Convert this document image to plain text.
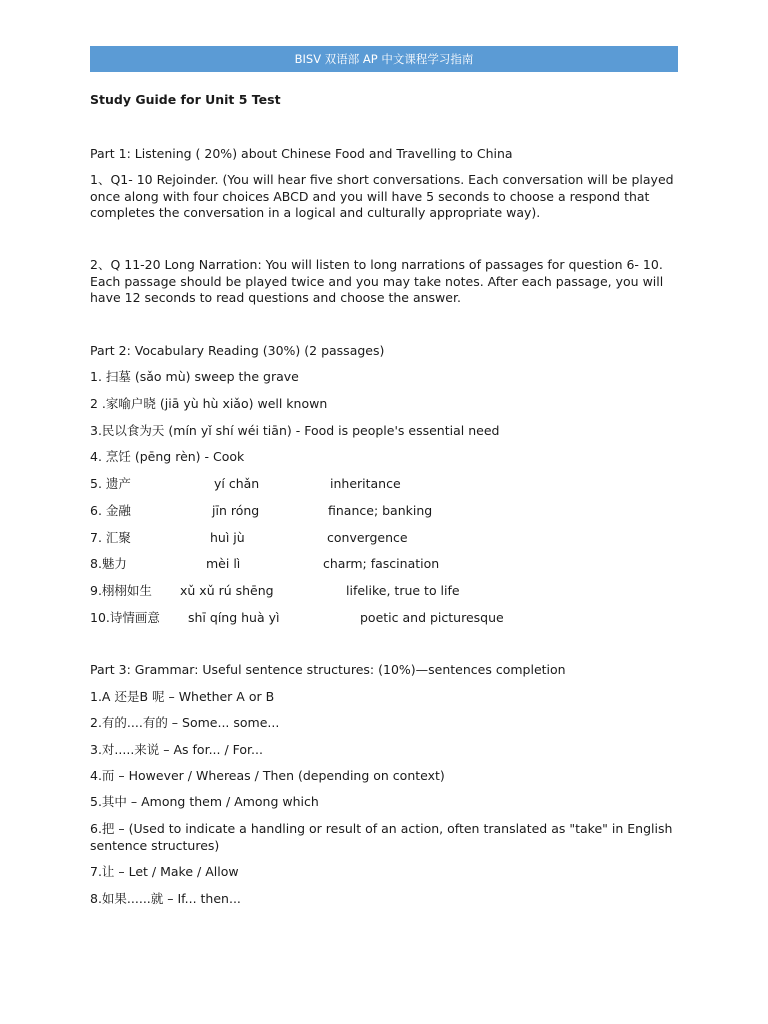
BISV 双语部 AP 中文课程学习指南
Study Guide for Unit 5 Test
Part 1: Listening ( 20%) about Chinese Food and Travelling to China
1、Q1- 10 Rejoinder. (You will hear five short conversations. Each conversation will be played once along with four choices ABCD and you will have 5 seconds to choose a respond that completes the conversation in a logical and culturally appropriate way).
2、Q 11-20 Long Narration: You will listen to long narrations of passages for question 6- 10. Each passage should be played twice and you may take notes. After each passage, you will have 12 seconds to read questions and choose the answer.
Part 2: Vocabulary Reading (30%) (2 passages)
1. 扫墓 (sǎo mù) sweep the grave
2 .家喻户晓 (jiā yù hù xiǎo) well known
3.民以食为天 (mín yǐ shí wéi tiān) - Food is people's essential need
4. 烹饪 (pēng rèn) - Cook
5. 遗产	yí chǎn	inheritance
6. 金融	jīn róng	finance; banking
7. 汇聚	huì jù	convergence
8.魅力	mèi lì	charm; fascination
9.栩栩如生 xǔ xǔ rú shēng	lifelike, true to life
10.诗情画意 shī qíng huà yì	poetic and picturesque
Part 3: Grammar: Useful sentence structures: (10%)—sentences completion
1.A 还是B 呢 – Whether A or B
2.有的....有的 – Some... some...
3.对.....来说 – As for... / For...
4.而 – However / Whereas / Then (depending on context)
5.其中 – Among them / Among which
6.把 – (Used to indicate a handling or result of an action, often translated as "take" in English sentence structures)
7.让 – Let / Make / Allow
8.如果......就 – If... then...
